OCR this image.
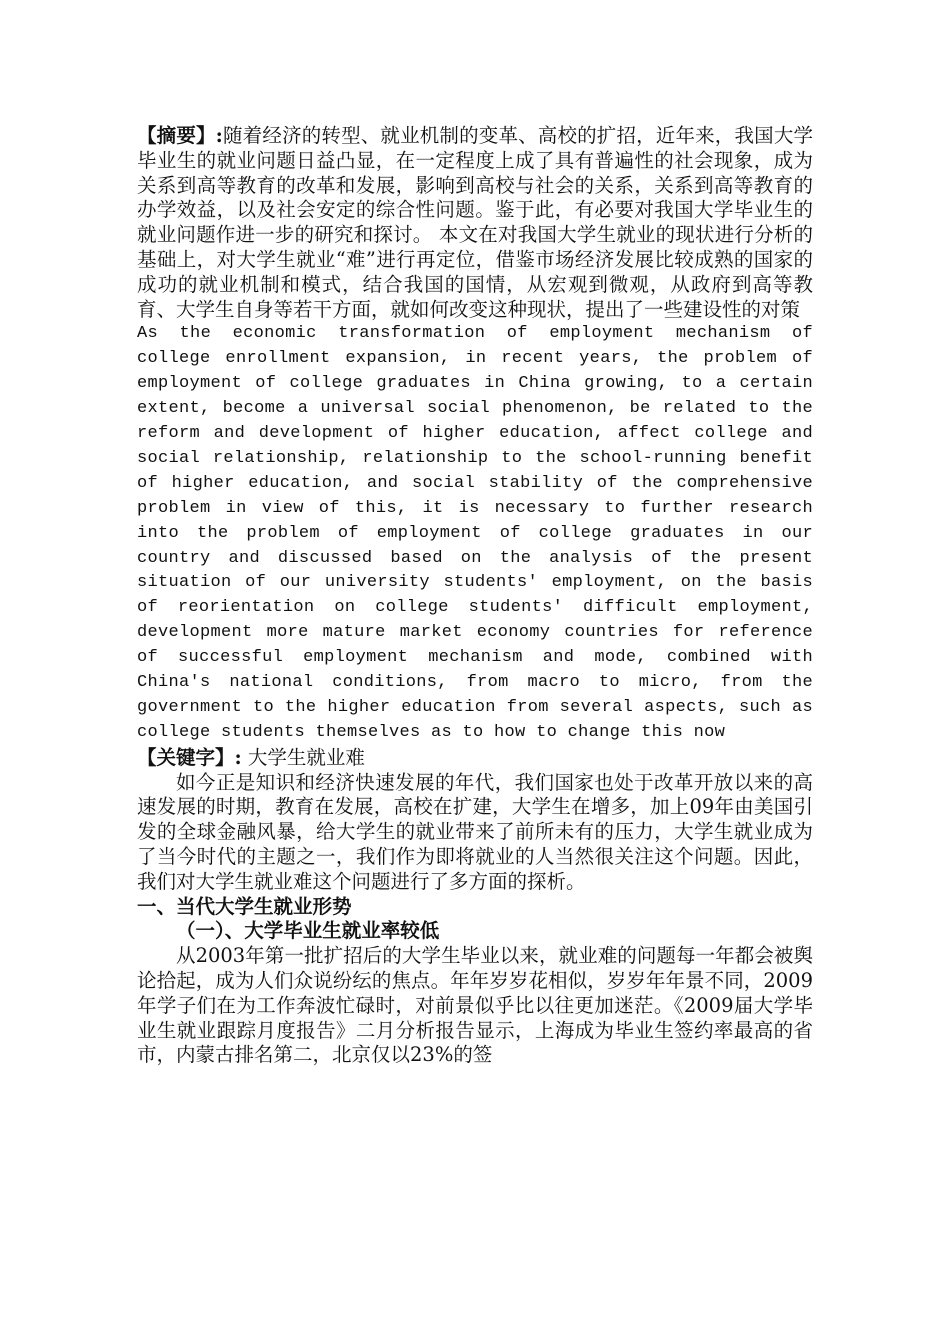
【摘要】:随着经济的转型、就业机制的变革、高校的扩招，近年来，我国大学毕业生的就业问题日益凸显，在一定程度上成了具有普遍性的社会现象，成为关系到高等教育的改革和发展，影响到高校与社会的关系，关系到高等教育的办学效益，以及社会安定的综合性问题。鉴于此，有必要对我国大学毕业生的就业问题作进一步的研究和探讨。 本文在对我国大学生就业的现状进行分析的基础上，对大学生就业“难”进行再定位，借鉴市场经济发展比较成熟的国家的成功的就业机制和模式，结合我国的国情，从宏观到微观，从政府到高等教育、大学生自身等若干方面，就如何改变这种现状，提出了一些建设性的对策

As the economic transformation of employment mechanism of college enrollment expansion, in recent years, the problem of employment of college graduates in China growing, to a certain extent, become a universal social phenomenon, be related to the reform and development of higher education, affect college and social relationship, relationship to the school-running benefit of higher education, and social stability of the comprehensive problem in view of this, it is necessary to further research into the problem of employment of college graduates in our country and discussed based on the analysis of the present situation of our university students′ employment, on the basis of reorientation on college students′ difficult employment, development more mature market economy countries for reference of successful employment mechanism and mode, combined with China′s national conditions, from macro to micro, from the government to the higher education from several aspects, such as college students themselves as to how to change this now

【关键字】: 大学生就业难

如今正是知识和经济快速发展的年代，我们国家也处于改革开放以来的高速发展的时期，教育在发展，高校在扩建，大学生在增多，加上09年由美国引发的全球金融风暴，给大学生的就业带来了前所未有的压力，大学生就业成为了当今时代的主题之一，我们作为即将就业的人当然很关注这个问题。因此，我们对大学生就业难这个问题进行了多方面的探析。

一、当代大学生就业形势

（一）、大学毕业生就业率较低

从2003年第一批扩招后的大学生毕业以来，就业难的问题每一年都会被舆论拾起，成为人们众说纷纭的焦点。年年岁岁花相似，岁岁年年景不同，2009年学子们在为工作奔波忙碌时，对前景似乎比以往更加迷茫。《2009届大学毕业生就业跟踪月度报告》二月分析报告显示，上海成为毕业生签约率最高的省市，内蒙古排名第二，北京仅以23%的签
